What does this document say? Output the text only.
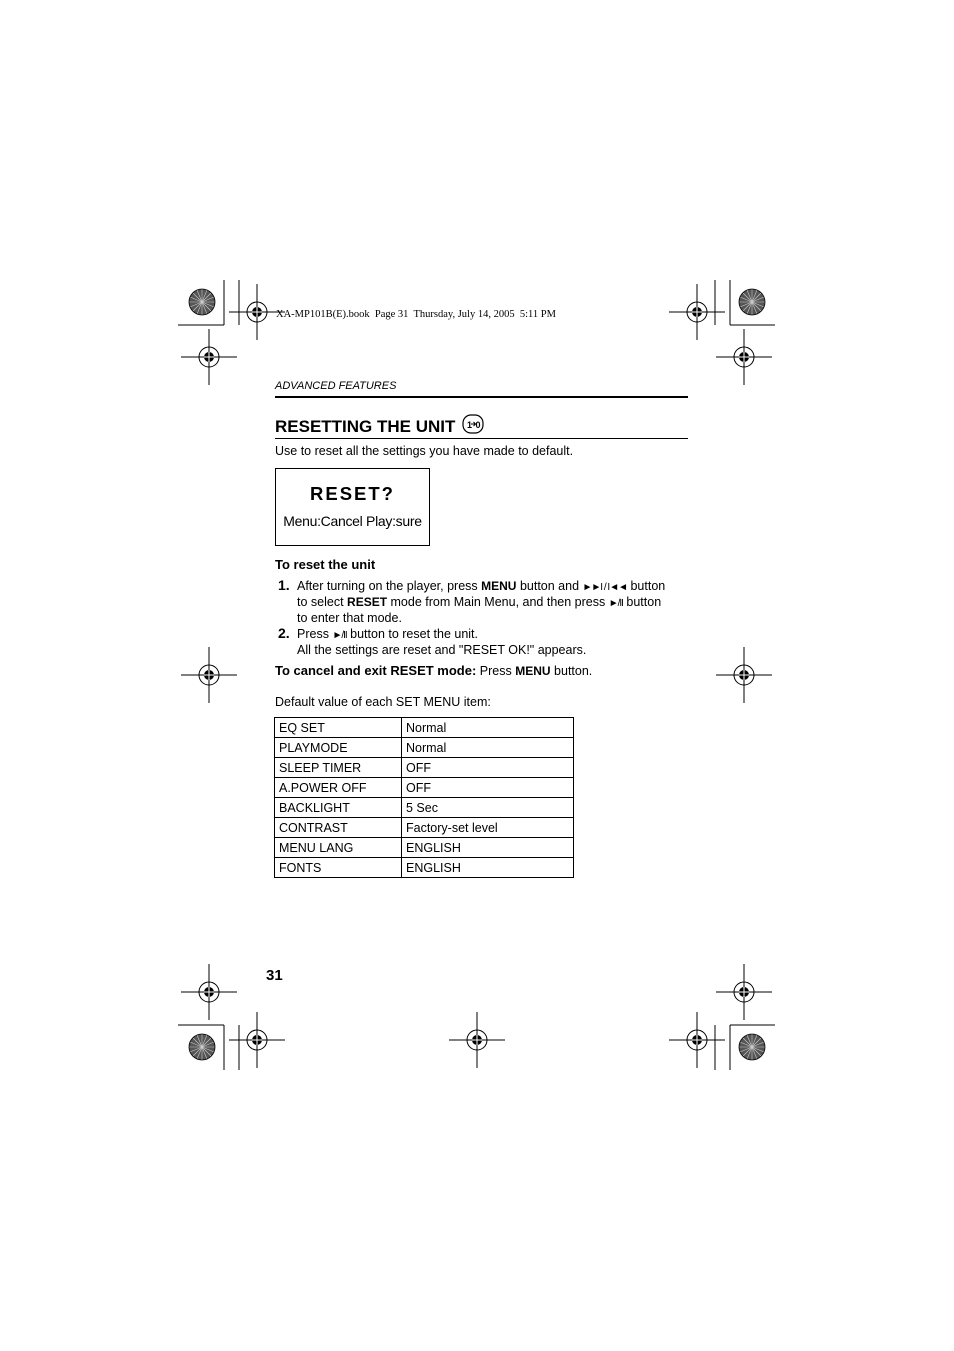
XA-MP101B(E).book  Page 31  Thursday, July 14, 2005  5:11 PM
ADVANCED FEATURES
RESETTING THE UNIT 1 0
Use to reset all the settings you have made to default.
RESET?
Menu:Cancel Play:sure
To reset the unit
1. After turning on the player, press MENU button and ►►I / I◄◄ button
to select RESET mode from Main Menu, and then press ►/II button
to enter that mode.
2. Press ►/II button to reset the unit.
All the settings are reset and "RESET OK!" appears.
To cancel and exit RESET mode: Press MENU button.
Default value of each SET MENU item:
EQ SET	Normal
PLAYMODE	Normal
SLEEP TIMER	OFF
A.POWER OFF	OFF
BACKLIGHT	5 Sec
CONTRAST	Factory-set level
MENU LANG	ENGLISH
FONTS	ENGLISH
31
